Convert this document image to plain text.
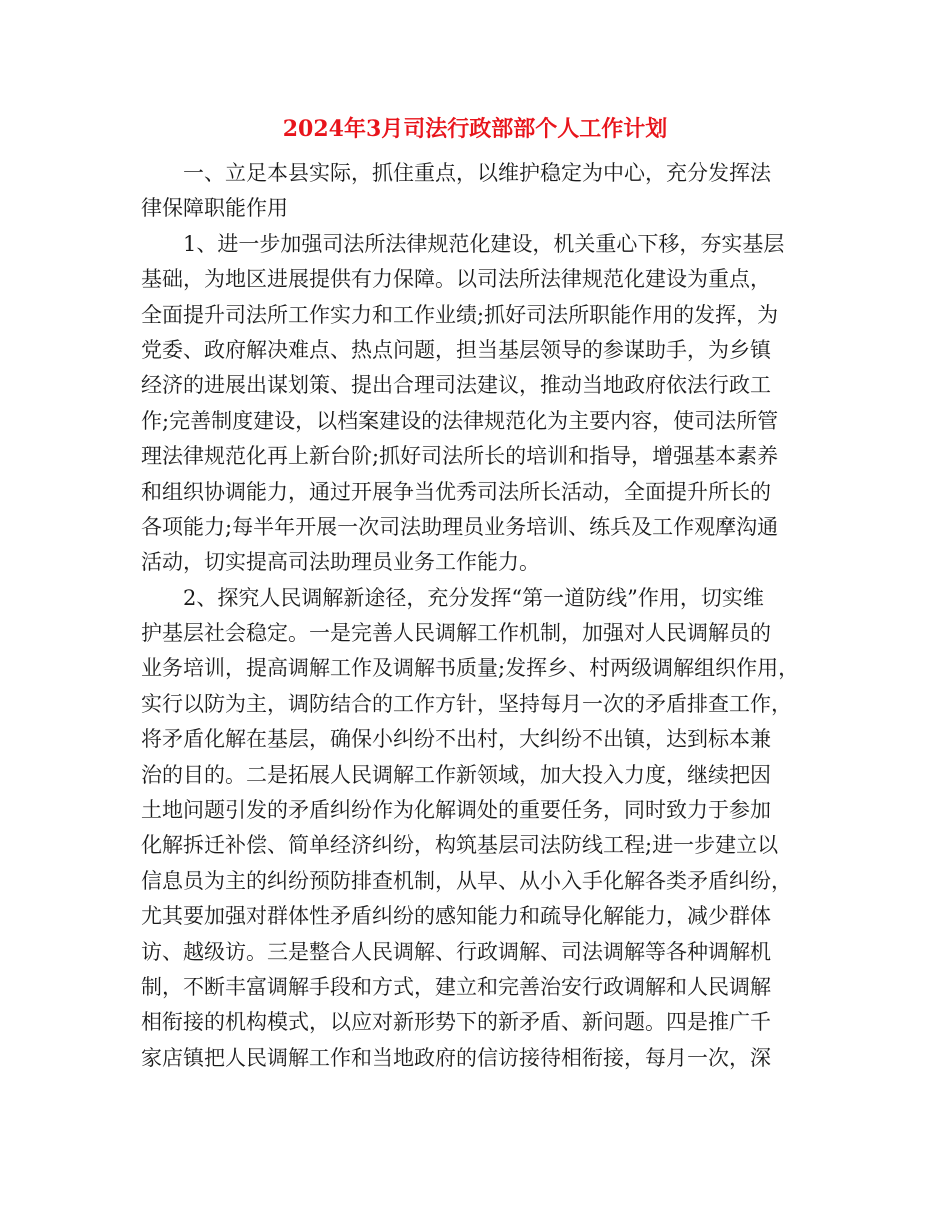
2024年3月司法行政部部个人工作计划
一、立足本县实际，抓住重点，以维护稳定为中心，充分发挥法
律保障职能作用
1、进一步加强司法所法律规范化建设，机关重心下移，夯实基层
基础，为地区进展提供有力保障。以司法所法律规范化建设为重点，
全面提升司法所工作实力和工作业绩;抓好司法所职能作用的发挥，为
党委、政府解决难点、热点问题，担当基层领导的参谋助手，为乡镇
经济的进展出谋划策、提出合理司法建议，推动当地政府依法行政工
作;完善制度建设，以档案建设的法律规范化为主要内容，使司法所管
理法律规范化再上新台阶;抓好司法所长的培训和指导，增强基本素养
和组织协调能力，通过开展争当优秀司法所长活动，全面提升所长的
各项能力;每半年开展一次司法助理员业务培训、练兵及工作观摩沟通
活动，切实提高司法助理员业务工作能力。
2、探究人民调解新途径，充分发挥“第一道防线”作用，切实维
护基层社会稳定。一是完善人民调解工作机制，加强对人民调解员的
业务培训，提高调解工作及调解书质量;发挥乡、村两级调解组织作用，
实行以防为主，调防结合的工作方针，坚持每月一次的矛盾排查工作，
将矛盾化解在基层，确保小纠纷不出村，大纠纷不出镇，达到标本兼
治的目的。二是拓展人民调解工作新领域，加大投入力度，继续把因
土地问题引发的矛盾纠纷作为化解调处的重要任务，同时致力于参加
化解拆迁补偿、简单经济纠纷，构筑基层司法防线工程;进一步建立以
信息员为主的纠纷预防排查机制，从早、从小入手化解各类矛盾纠纷，
尤其要加强对群体性矛盾纠纷的感知能力和疏导化解能力，减少群体
访、越级访。三是整合人民调解、行政调解、司法调解等各种调解机
制，不断丰富调解手段和方式，建立和完善治安行政调解和人民调解
相衔接的机构模式，以应对新形势下的新矛盾、新问题。四是推广千
家店镇把人民调解工作和当地政府的信访接待相衔接，每月一次，深
